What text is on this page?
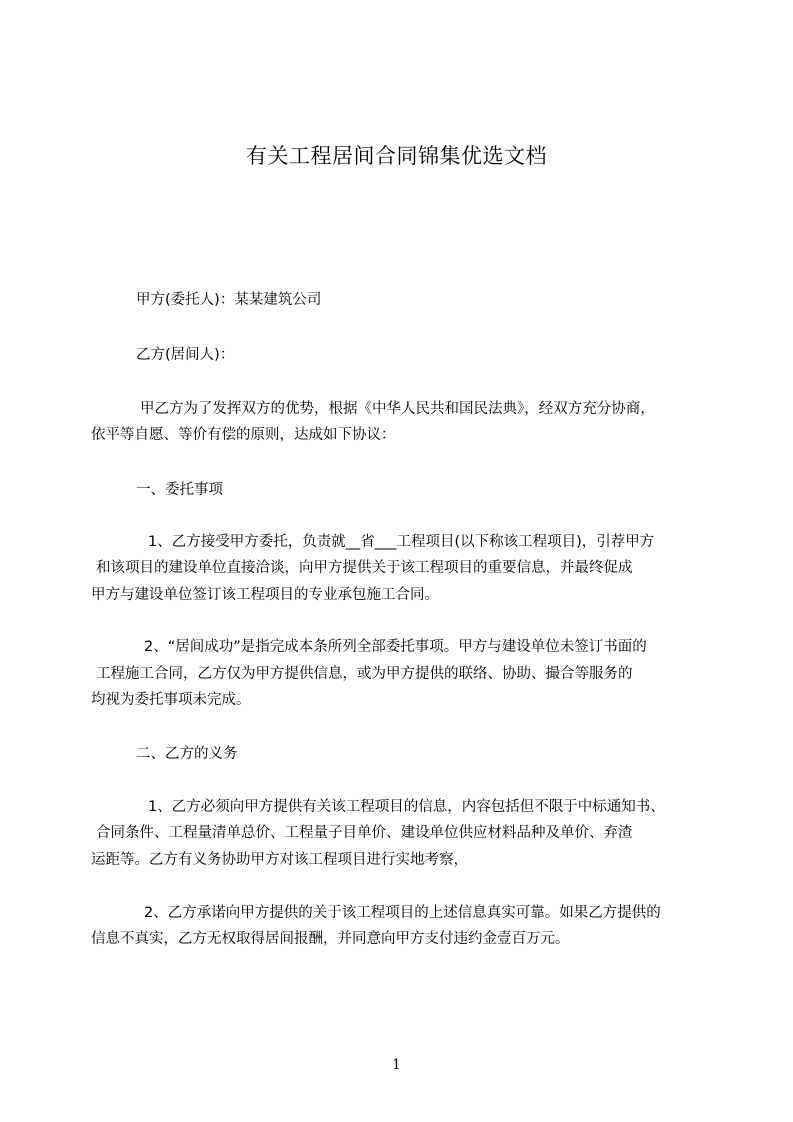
有关工程居间合同锦集优选文档
甲方(委托人)：某某建筑公司
乙方(居间人)：
甲乙方为了发挥双方的优势，根据《中华人民共和国民法典》，经双方充分协商，
依平等自愿、等价有偿的原则，达成如下协议：
一、委托事项
1、乙方接受甲方委托，负责就__省___工程项目(以下称该工程项目)，引荐甲方
和该项目的建设单位直接洽谈，向甲方提供关于该工程项目的重要信息，并最终促成
甲方与建设单位签订该工程项目的专业承包施工合同。
2、“居间成功”是指完成本条所列全部委托事项。甲方与建设单位未签订书面的
工程施工合同，乙方仅为甲方提供信息，或为甲方提供的联络、协助、撮合等服务的
均视为委托事项未完成。
二、乙方的义务
1、乙方必须向甲方提供有关该工程项目的信息，内容包括但不限于中标通知书、
合同条件、工程量清单总价、工程量子目单价、建设单位供应材料品种及单价、弃渣
运距等。乙方有义务协助甲方对该工程项目进行实地考察，
2、乙方承诺向甲方提供的关于该工程项目的上述信息真实可靠。如果乙方提供的
信息不真实，乙方无权取得居间报酬，并同意向甲方支付违约金壹百万元。
1
